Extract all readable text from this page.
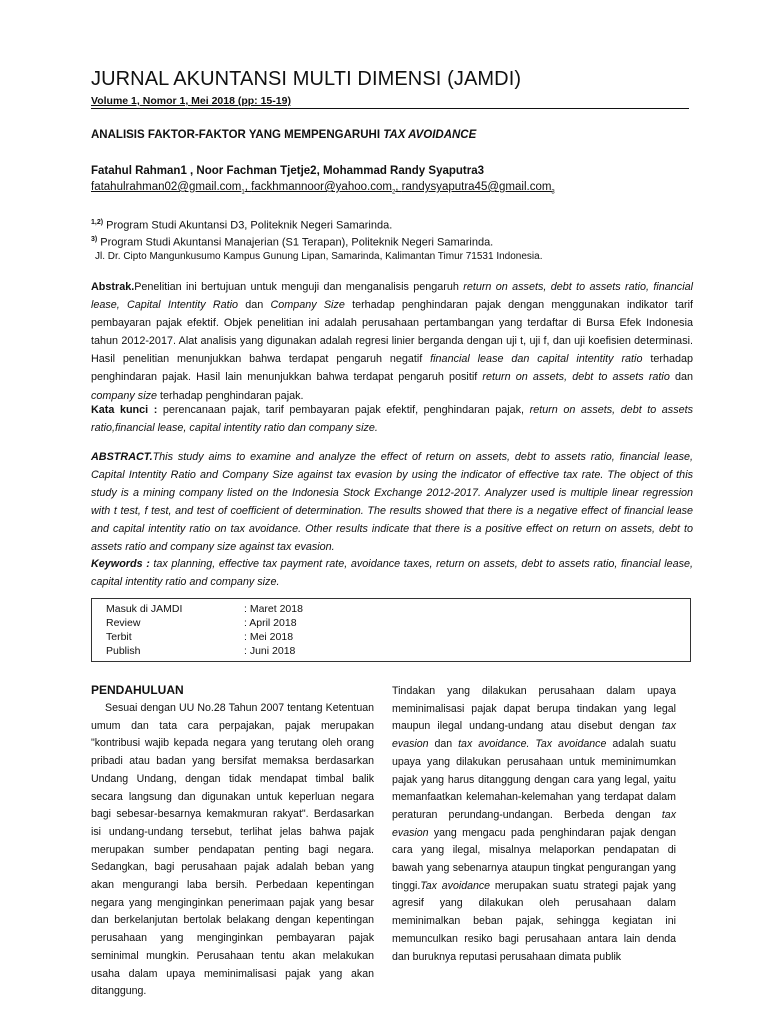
JURNAL AKUNTANSI MULTI DIMENSI (JAMDI)
Volume 1, Nomor 1, Mei 2018 (pp: 15-19)
ANALISIS FAKTOR-FAKTOR YANG MEMPENGARUHI TAX AVOIDANCE
Fatahul Rahman1 , Noor Fachman Tjetje2, Mohammad Randy Syaputra3
fatahulrahman02@gmail.com$_1$, fackhmannoor@yahoo.com$_2$, randysyaputra45@gmail.com$_3$
$^{1,2)}$ Program Studi Akuntansi D3, Politeknik Negeri Samarinda.
$^{3)}$ Program Studi Akuntansi Manajerian (S1 Terapan), Politeknik Negeri Samarinda.
Jl. Dr. Cipto Mangunkusumo Kampus Gunung Lipan, Samarinda, Kalimantan Timur 71531 Indonesia.
Abstrak.Penelitian ini bertujuan untuk menguji dan menganalisis pengaruh return on assets, debt to assets ratio, financial lease, Capital Intentity Ratio dan Company Size terhadap penghindaran pajak dengan menggunakan indikator tarif pembayaran pajak efektif. Objek penelitian ini adalah perusahaan pertambangan yang terdaftar di Bursa Efek Indonesia tahun 2012-2017. Alat analisis yang digunakan adalah regresi linier berganda dengan uji t, uji f, dan uji koefisien determinasi. Hasil penelitian menunjukkan bahwa terdapat pengaruh negatif financial lease dan capital intentity ratio terhadap penghindaran pajak. Hasil lain menunjukkan bahwa terdapat pengaruh positif return on assets, debt to assets ratio dan company size terhadap penghindaran pajak.
Kata kunci : perencanaan pajak, tarif pembayaran pajak efektif, penghindaran pajak, return on assets, debt to assets ratio,financial lease, capital intentity ratio dan company size.
ABSTRACT.This study aims to examine and analyze the effect of return on assets, debt to assets ratio, financial lease, Capital Intentity Ratio and Company Size against tax evasion by using the indicator of effective tax rate. The object of this study is a mining company listed on the Indonesia Stock Exchange 2012-2017. Analyzer used is multiple linear regression with t test, f test, and test of coefficient of determination. The results showed that there is a negative effect of financial lease and capital intentity ratio on tax avoidance. Other results indicate that there is a positive effect on return on assets, debt to assets ratio and company size against tax evasion.
Keywords : tax planning, effective tax payment rate, avoidance taxes, return on assets, debt to assets ratio, financial lease, capital intentity ratio and company size.
Masuk di JAMDI	: Maret 2018
Review	: April 2018
Terbit	: Mei 2018
Publish	: Juni 2018
PENDAHULUAN
Sesuai dengan UU No.28 Tahun 2007 tentang Ketentuan umum dan tata cara perpajakan, pajak merupakan "kontribusi wajib kepada negara yang terutang oleh orang pribadi atau badan yang bersifat memaksa berdasarkan Undang Undang, dengan tidak mendapat timbal balik secara langsung dan digunakan untuk keperluan negara bagi sebesar-besarnya kemakmuran rakyat". Berdasarkan isi undang-undang tersebut, terlihat jelas bahwa pajak merupakan sumber pendapatan penting bagi negara. Sedangkan, bagi perusahaan pajak adalah beban yang akan mengurangi laba bersih. Perbedaan kepentingan negara yang menginginkan penerimaan pajak yang besar dan berkelanjutan bertolak belakang dengan kepentingan perusahaan yang menginginkan pembayaran pajak seminimal mungkin. Perusahaan tentu akan melakukan usaha dalam upaya meminimalisasi pajak yang akan ditanggung.
Tindakan yang dilakukan perusahaan dalam upaya meminimalisasi pajak dapat berupa tindakan yang legal maupun ilegal undang-undang atau disebut dengan tax evasion dan tax avoidance. Tax avoidance adalah suatu upaya yang dilakukan perusahaan untuk meminimumkan pajak yang harus ditanggung dengan cara yang legal, yaitu memanfaatkan kelemahan-kelemahan yang terdapat dalam peraturan perundang-undangan. Berbeda dengan tax evasion yang mengacu pada penghindaran pajak dengan cara yang ilegal, misalnya melaporkan pendapatan di bawah yang sebenarnya ataupun tingkat pengurangan yang tinggi.Tax avoidance merupakan suatu strategi pajak yang agresif yang dilakukan oleh perusahaan dalam meminimalkan beban pajak, sehingga kegiatan ini memunculkan resiko bagi perusahaan antara lain denda dan buruknya reputasi perusahaan dimata publik
